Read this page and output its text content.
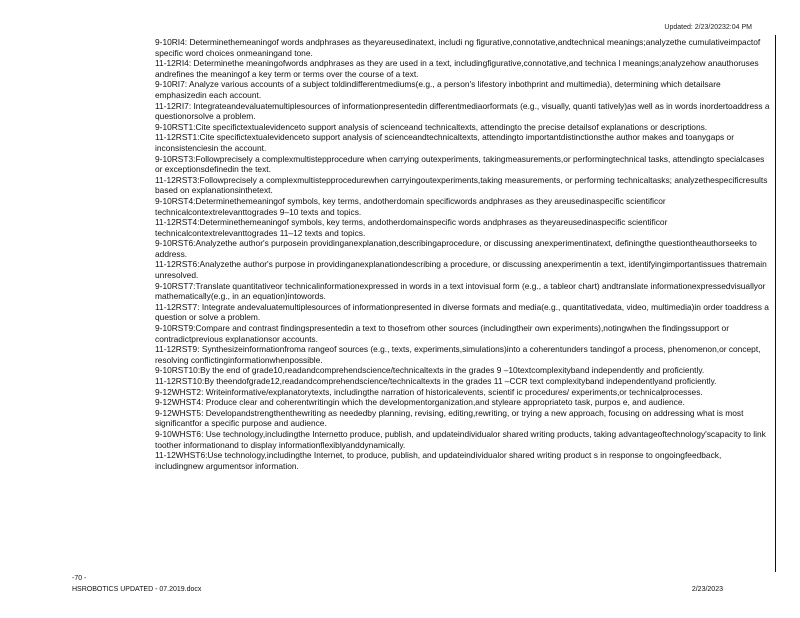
Updated: 2/23/20232:04 PM

9-10RI4: Determinethemeaningof words andphrases as theyareusedinatext, includi ng figurative,connotative,andtechnical meanings;analyzethe cumulativeimpactof specific word choices onmeaningand tone.

11-12RI4: Determinethe meaningofwords andphrases as they are used in a text, includingfigurative,connotative,and technica l meanings;analyzehow anauthoruses andrefines the meaningof a key term or terms over the course of a text.

9-10RI7: Analyze various accounts of a subject toldindifferentmediums(e.g., a person's lifestory inbothprint and multimedia), determining which detailsare emphasizedin each account.

11-12RI7: Integrateandevaluatemultiplesources of informationpresentedin differentmediaorformats (e.g., visually, quanti tatively)as well as in words inordertoaddress a questionorsolve a problem.

9-10RST1:Cite specifictextualevidenceto support analysis of scienceand technicaltexts, attendingto the precise detailsof explanations or descriptions.

11-12RST1:Cite specifictextualevidenceto support analysis of scienceandtechnicaltexts, attendingto importantdistinctionsthe author makes and toanygaps or inconsistenciesin the account.

9-10RST3:Followprecisely a complexmultistepprocedure when carrying outexperiments, takingmeasurements,or performingtechnical tasks, attendingto specialcases or exceptionsdefinedin the text.

11-12RST3:Followprecisely a complexmultistepprocedurewhen carryingoutexperiments,taking measurements, or performing technicaltasks; analyzethespecificresults based on explanationsinthetext.

9-10RST4:Determinethemeaningof symbols, key terms, andotherdomain specificwords andphrases as they areusedinaspecific scientificor technicalcontextrelevanttogrades 9–10 texts and topics.

11-12RST4:Determinethemeaningof symbols, key terms, andotherdomainspecific words andphrases as theyareusedinaspecific scientificor technicalcontextrelevanttogrades 11–12 texts and topics.

9-10RST6:Analyzethe author's purposein providinganexplanation,describingaprocedure, or discussing anexperimentinatext, definingthe questiontheauthorseeks to address.

11-12RST6:Analyzethe author's purpose in providinganexplanationdescribing a procedure, or discussing anexperimentin a text, identifyingimportantissues thatremain unresolved.

9-10RST7:Translate quantitativeor technicalinformationexpressed in words in a text intovisual form (e.g., a tableor chart) andtranslate informationexpressedvisuallyor mathematically(e.g., in an equation)intowords.

11-12RST7: Integrate andevaluatemultiplesources of informationpresented in diverse formats and media(e.g., quantitativedata, video, multimedia)in order toaddress a question or solve a problem.

9-10RST9:Compare and contrast findingspresentedin a text to thosefrom other sources (includingtheir own experiments),notingwhen the findingssupport or contradictprevious explanationsor accounts.

11-12RST9: Synthesizeinformationfroma rangeof sources (e.g., texts, experiments,simulations)into a coherentunders tandingof a process, phenomenon,or concept, resolving conflictinginformationwhenpossible.

9-10RST10:By the end of grade10,readandcomprehendscience/technicaltexts in the grades 9 –10textcomplexityband independently and proficiently.

11-12RST10:By theendofgrade12,readandcomprehendscience/technicaltexts in the grades 11 –CCR text complexityband independentlyand proficiently.

9-12WHST2: Writeinformative/explanatorytexts, includingthe narration of historicalevents, scientif ic procedures/ experiments,or technicalprocesses.

9-12WHST4: Produce clear and coherentwritingin which the developmentorganization,and styleare appropriateto task, purpos e, and audience.

9-12WHST5: Developandstrengthenthewriting as neededby planning, revising, editing,rewriting, or trying a new approach, focusing on addressing what is most significantfor a specific purpose and audience.

9-10WHST6: Use technology,includingthe Internetto produce, publish, and updateindividualor shared writing products, taking advantageoftechnology'scapacity to link toother informationand to display informationflexiblyanddynamically.

11-12WHST6:Use technology,includingthe Internet, to produce, publish, and updateindividualor shared writing product s in response to ongoingfeedback, includingnew argumentsor information.

-70 -
HSROBOTICS UPDATED - 07.2019.docx	2/23/2023
